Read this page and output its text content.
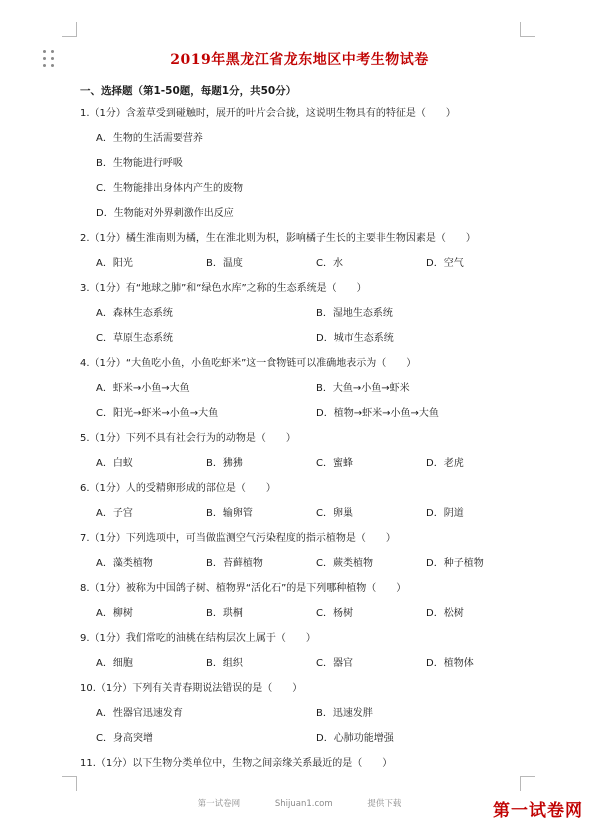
2019年黑龙江省龙东地区中考生物试卷
一、选择题（第1-50题，每题1分，共50分）
1.（1分）含羞草受到碰触时，展开的叶片会合拢，这说明生物具有的特征是（　　）
A．生物的生活需要营养
B．生物能进行呼吸
C．生物能排出身体内产生的废物
D．生物能对外界刺激作出反应
2.（1分）橘生淮南则为橘，生在淮北则为枳，影响橘子生长的主要非生物因素是（　　）
A．阳光	B．温度	C．水	D．空气
3.（1分）有“地球之肺”和“绿色水库”之称的生态系统是（　　）
A．森林生态系统	B．湿地生态系统
C．草原生态系统	D．城市生态系统
4.（1分）“大鱼吃小鱼，小鱼吃虾米”这一食物链可以准确地表示为（　　）
A．虾米→小鱼→大鱼	B．大鱼→小鱼→虾米
C．阳光→虾米→小鱼→大鱼	D．植物→虾米→小鱼→大鱼
5.（1分）下列不具有社会行为的动物是（　　）
A．白蚁	B．狒狒	C．蜜蜂	D．老虎
6.（1分）人的受精卵形成的部位是（　　）
A．子宫	B．输卵管	C．卵巢	D．阴道
7.（1分）下列选项中，可当做监测空气污染程度的指示植物是（　　）
A．藻类植物	B．苔藓植物	C．蕨类植物	D．种子植物
8.（1分）被称为中国鸽子树、植物界“活化石”的是下列哪种植物（　　）
A．柳树	B．珙桐	C．杨树	D．松树
9.（1分）我们常吃的油桃在结构层次上属于（　　）
A．细胞	B．组织	C．器官	D．植物体
10.（1分）下列有关青春期说法错误的是（　　）
A．性器官迅速发育	B．迅速发胖
C．身高突增	D．心肺功能增强
11.（1分）以下生物分类单位中，生物之间亲缘关系最近的是（　　）
第一试卷网	Shijuan1.com	提供下载	第一试卷网
